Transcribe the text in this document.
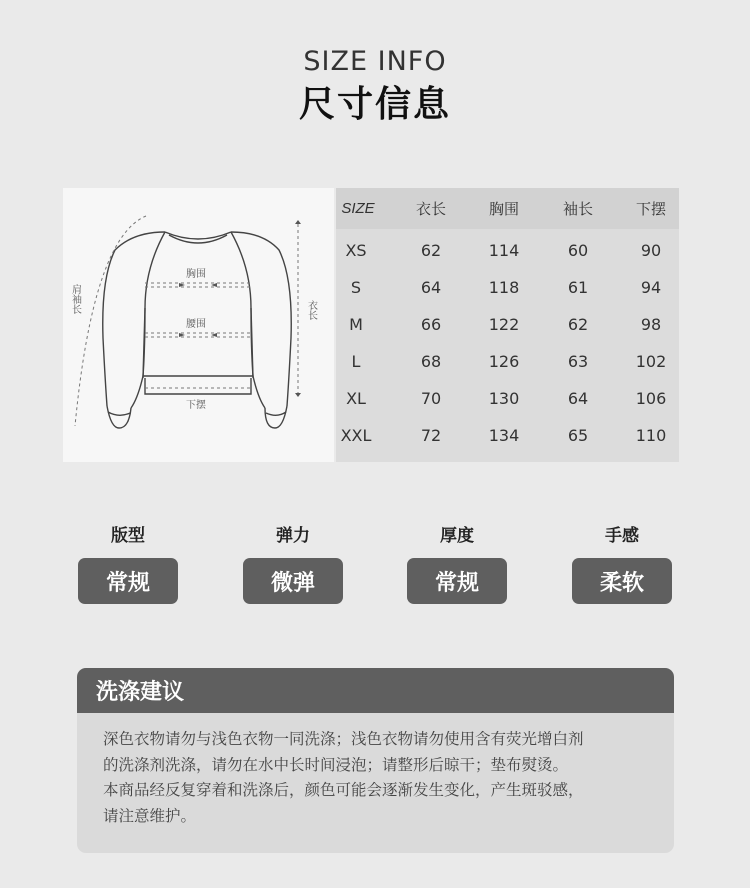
SIZE INFO
尺寸信息
胸围
腰围
下摆
衣长
肩袖长
SIZE	衣长	胸围	袖长	下摆
XS	62	114	60	90
S	64	118	61	94
M	66	122	62	98
L	68	126	63	102
XL	70	130	64	106
XXL	72	134	65	110
版型
常规
弹力
微弹
厚度
常规
手感
柔软
洗涤建议

深色衣物请勿与浅色衣物一同洗涤；浅色衣物请勿使用含有荧光增白剂

的洗涤剂洗涤，请勿在水中长时间浸泡；请整形后晾干；垫布熨烫。

本商品经反复穿着和洗涤后，颜色可能会逐渐发生变化，产生斑驳感，

请注意维护。
